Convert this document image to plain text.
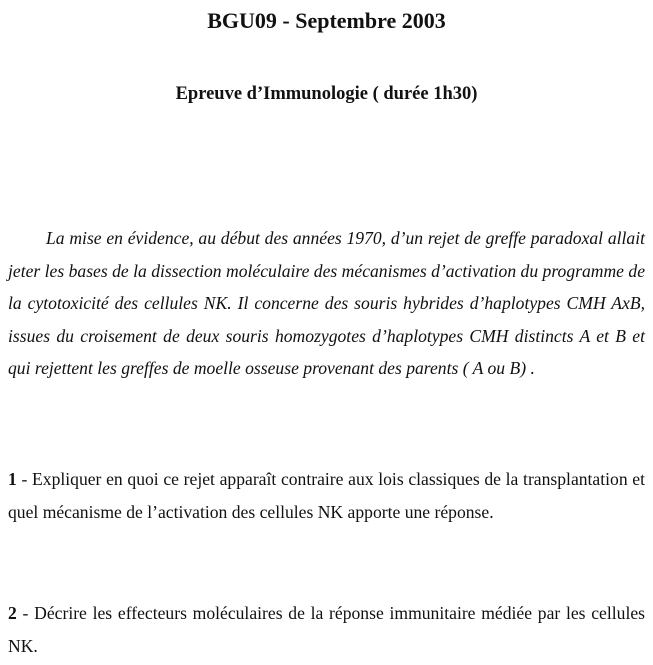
BGU09 - Septembre 2003
Epreuve d’Immunologie ( durée 1h30)

La mise en évidence, au début des années 1970, d’un rejet de greffe paradoxal allait jeter les bases de la dissection moléculaire des mécanismes d’activation du programme de la cytotoxicité des cellules NK. Il concerne des souris hybrides d’haplotypes CMH AxB, issues du croisement de deux souris homozygotes d’haplotypes CMH distincts A et B et qui rejettent les greffes de moelle osseuse provenant des parents ( A ou B) .

1 - Expliquer en quoi ce rejet apparaît contraire aux lois classiques de la transplantation et quel mécanisme de l’activation des cellules NK apporte une réponse.

2 - Décrire les effecteurs moléculaires de la réponse immunitaire médiée par les cellules NK.
